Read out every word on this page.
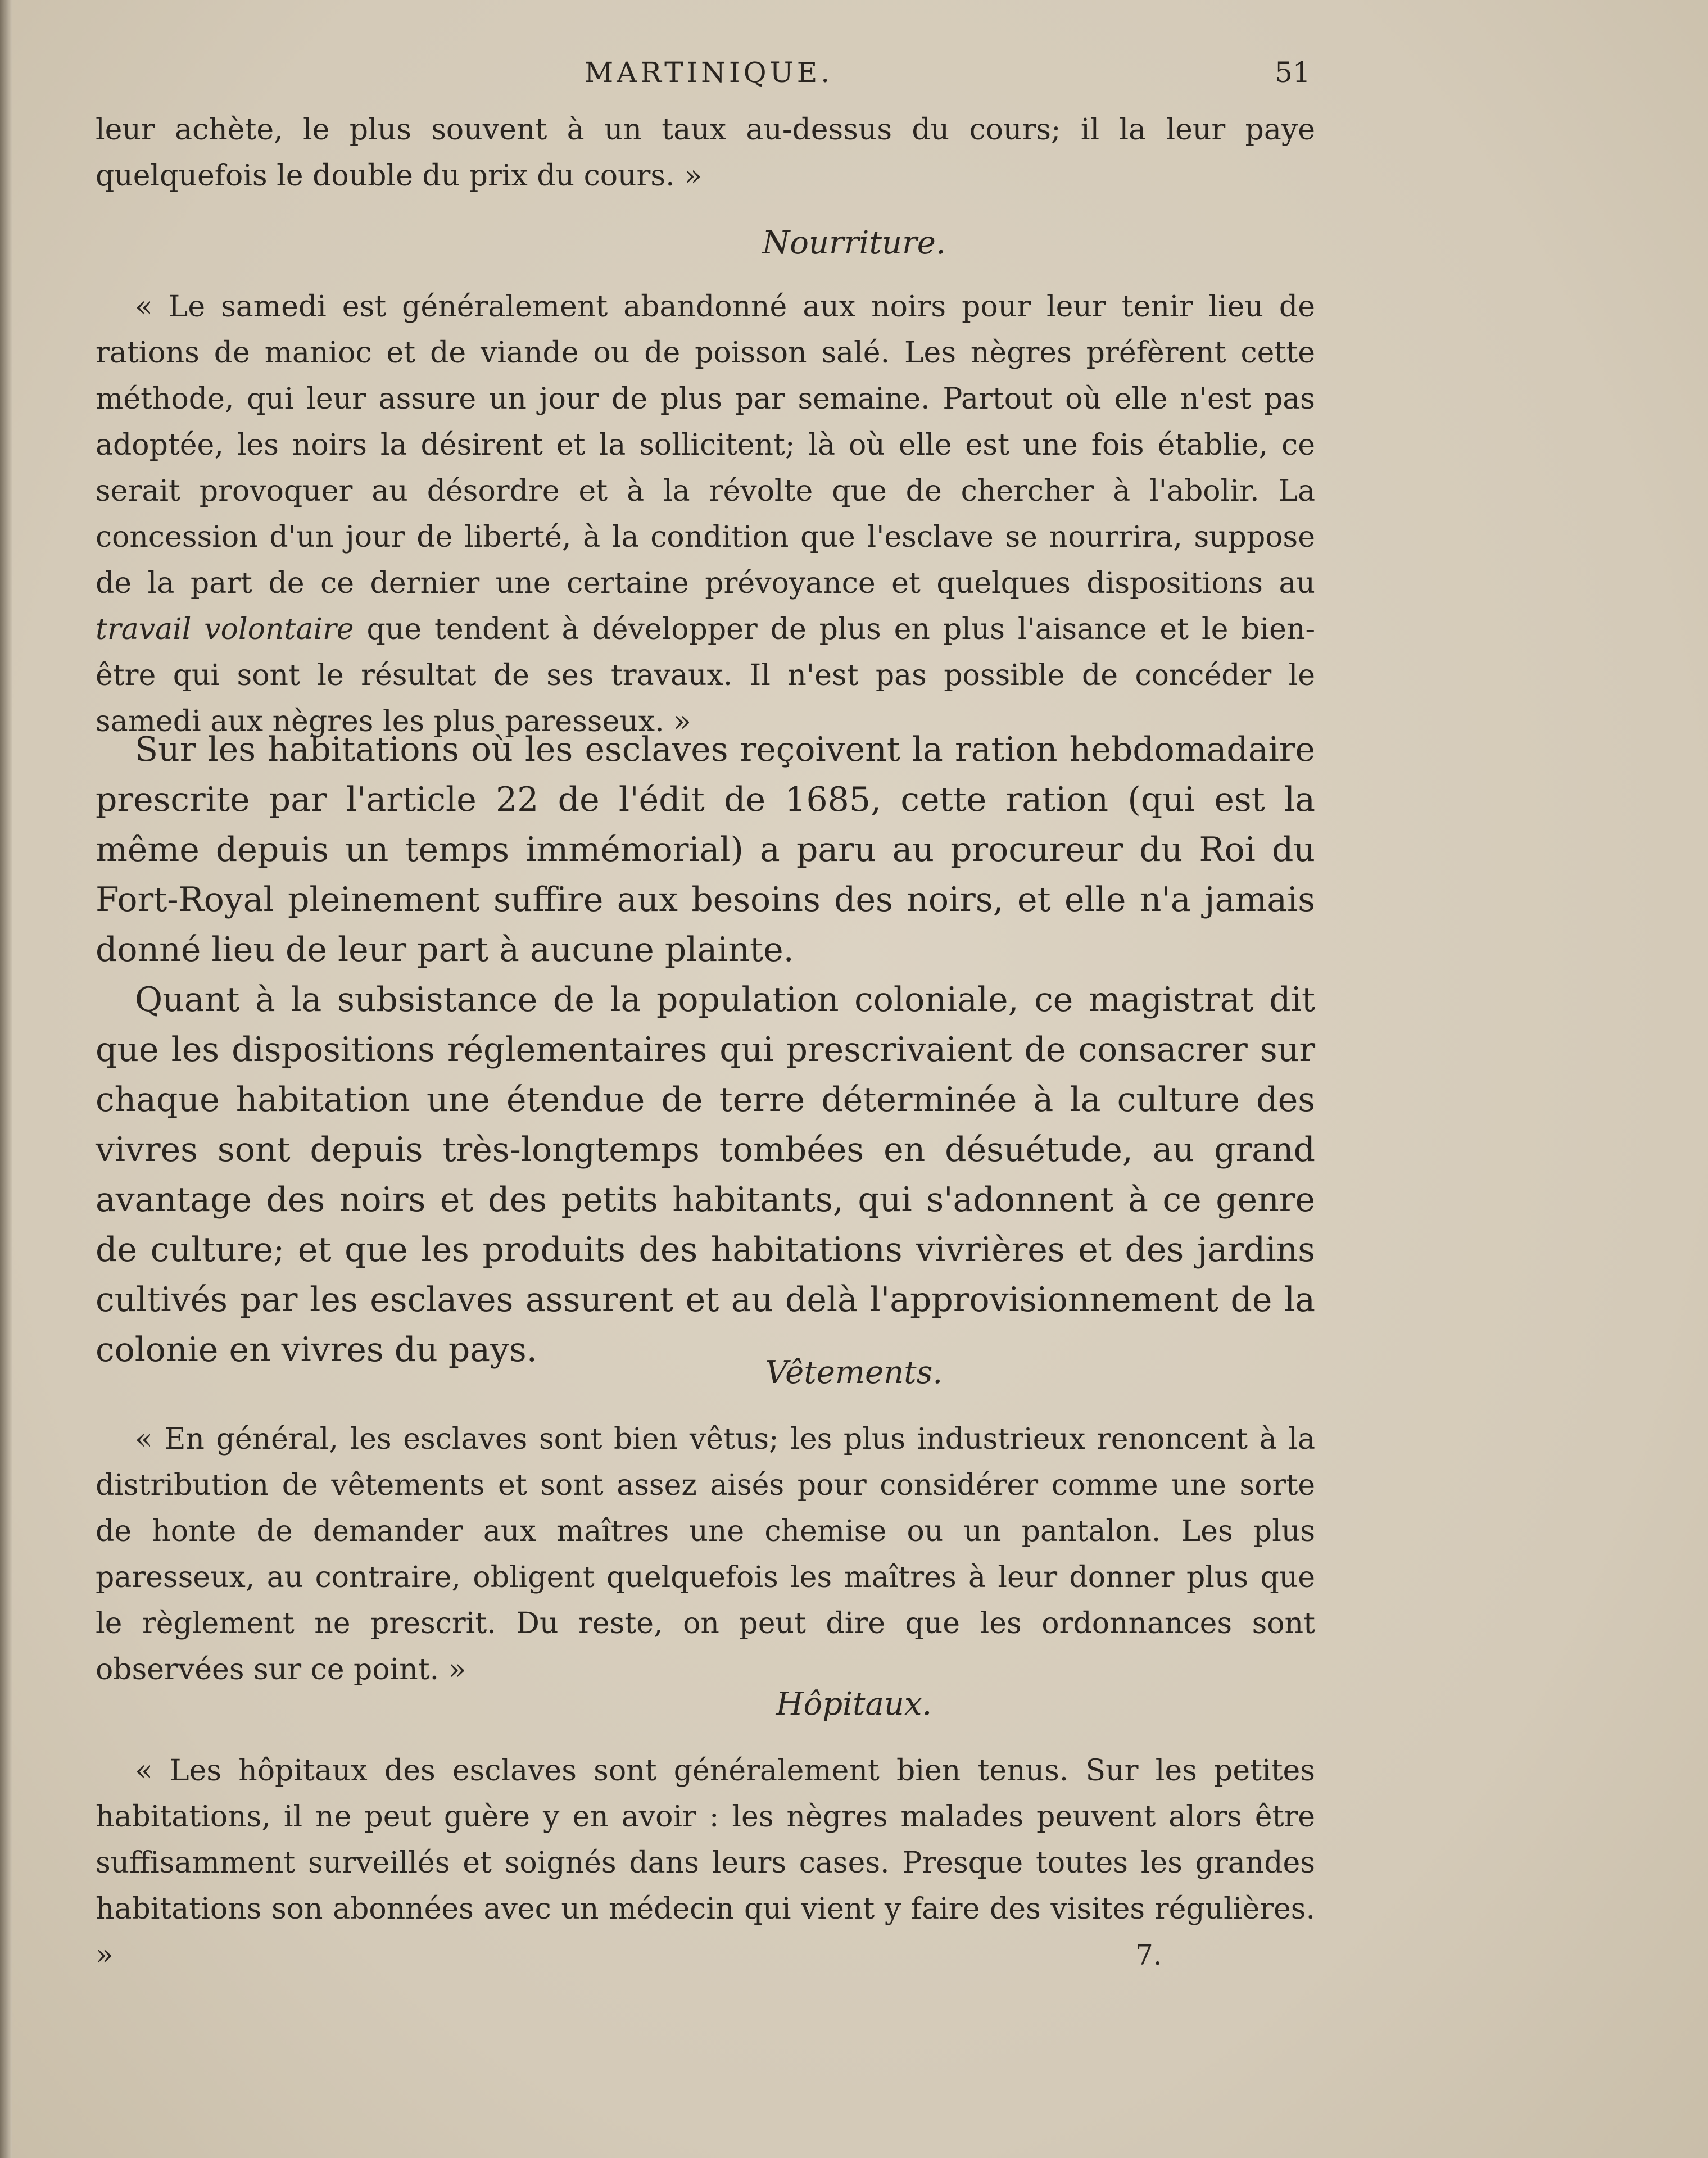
MARTINIQUE.	51

leur achète, le plus souvent à un taux au-dessus du cours; il la leur paye quelquefois le double du prix du cours. »

Nourriture.

« Le samedi est généralement abandonné aux noirs pour leur tenir lieu de rations de manioc et de viande ou de poisson salé. Les nègres préfèrent cette méthode, qui leur assure un jour de plus par semaine. Partout où elle n'est pas adoptée, les noirs la désirent et la sollicitent; là où elle est une fois établie, ce serait provoquer au désordre et à la révolte que de chercher à l'abolir. La concession d'un jour de liberté, à la condition que l'esclave se nourrira, suppose de la part de ce dernier une certaine prévoyance et quelques dispositions au travail volontaire que tendent à développer de plus en plus l'aisance et le bien-être qui sont le résultat de ses travaux. Il n'est pas possible de concéder le samedi aux nègres les plus paresseux. »

Sur les habitations où les esclaves reçoivent la ration hebdomadaire prescrite par l'article 22 de l'édit de 1685, cette ration (qui est la même depuis un temps immémorial) a paru au procureur du Roi du Fort-Royal pleinement suffire aux besoins des noirs, et elle n'a jamais donné lieu de leur part à aucune plainte.

Quant à la subsistance de la population coloniale, ce magistrat dit que les dispositions réglementaires qui prescrivaient de consacrer sur chaque habitation une étendue de terre déterminée à la culture des vivres sont depuis très-longtemps tombées en désuétude, au grand avantage des noirs et des petits habitants, qui s'adonnent à ce genre de culture; et que les produits des habitations vivrières et des jardins cultivés par les esclaves assurent et au delà l'approvisionnement de la colonie en vivres du pays.

Vêtements.

« En général, les esclaves sont bien vêtus; les plus industrieux renoncent à la distribution de vêtements et sont assez aisés pour considérer comme une sorte de honte de demander aux maîtres une chemise ou un pantalon. Les plus paresseux, au contraire, obligent quelquefois les maîtres à leur donner plus que le règlement ne prescrit. Du reste, on peut dire que les ordonnances sont observées sur ce point. »

Hôpitaux.

« Les hôpitaux des esclaves sont généralement bien tenus. Sur les petites habitations, il ne peut guère y en avoir : les nègres malades peuvent alors être suffisamment surveillés et soignés dans leurs cases. Presque toutes les grandes habitations son abonnées avec un médecin qui vient y faire des visites régulières. »	7.
